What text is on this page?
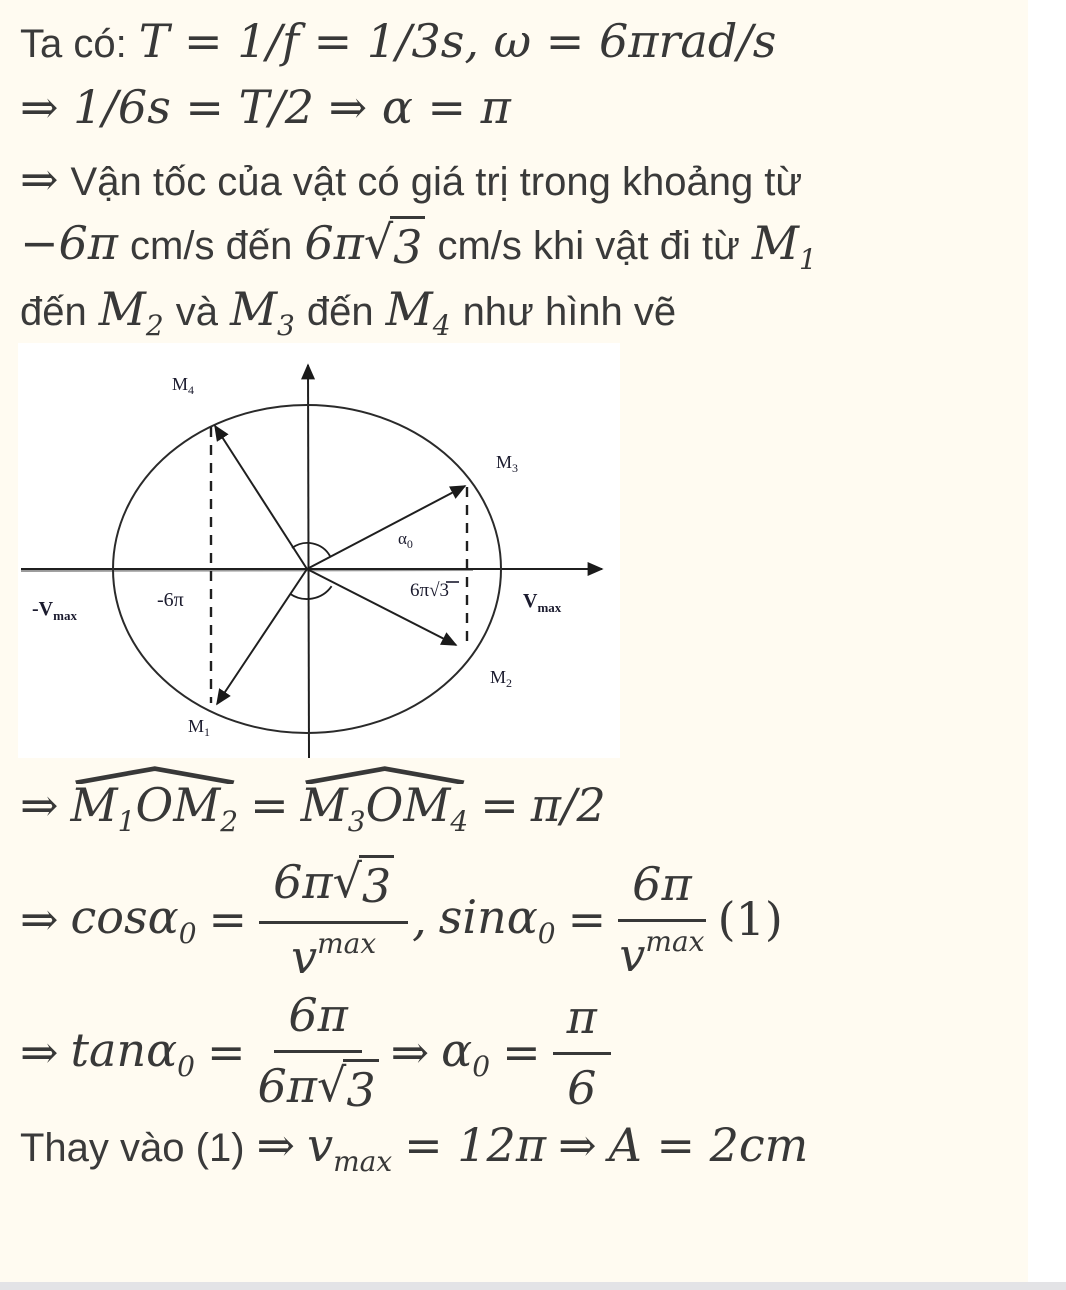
Ta có: T = 1/f = 1/3s, ω = 6πrad/s
⇒ 1/6s = T/2 ⇒ α = π
⇒ Vận tốc của vật có giá trị trong khoảng từ
−6π cm/s đến 6π √ 3 cm/s khi vật đi từ $M_1$
đến $M_2$ và $M_3$ đến $M_4$ như hình vẽ
$M_4$
$M_3$
$M_2$
$M_1$
$\alpha_0$
6π√3
-6π
$-V_{max}$
$V_{max}$
⇒ $M_1OM_2 = M_3OM_4 = \pi/2$
⇒ $\cos\alpha_0 = \frac{6\pi √ 3}{\text{v max}}$ , $\sin\alpha_0 = \frac{6\pi}{\text{v max}} (1)$
⇒ $\tan\alpha_0 = \frac{6\pi}{6\pi √ 3}$ ⇒ $\alpha_0 = \frac{\pi}{6}$
Thay vào (1) ⇒ $v_{max} = 12\pi$ ⇒ A = 2cm
